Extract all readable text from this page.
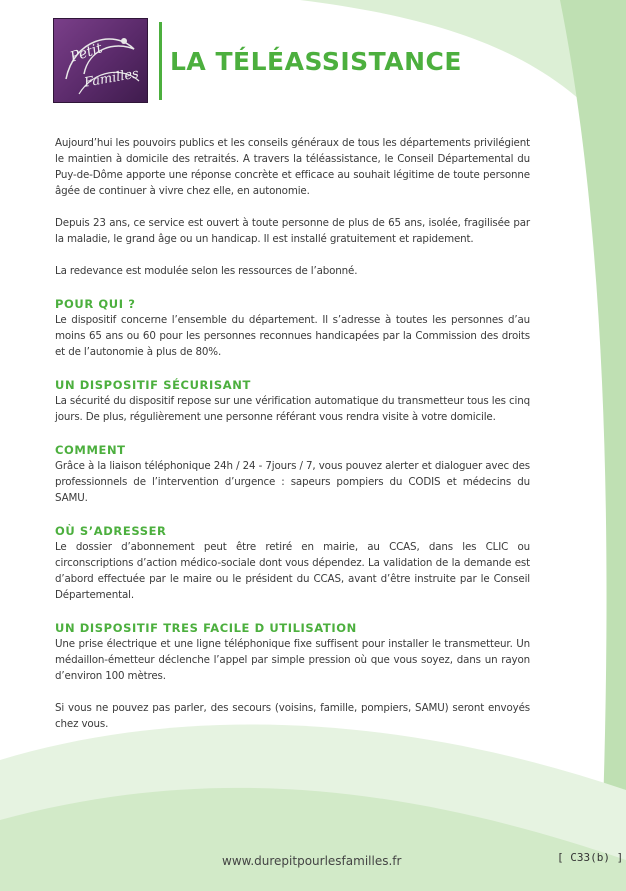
Petit
Familles
LA TÉLÉASSISTANCE

Aujourd’hui les pouvoirs publics et les conseils généraux de tous les départements privilégient le maintien à domicile des retraités. A travers la téléassistance, le Conseil Départemental du Puy-de-Dôme apporte une réponse concrète et efficace au souhait légitime de toute personne âgée de continuer à vivre chez elle, en autonomie.

Depuis 23 ans, ce service est ouvert à toute personne de plus de 65 ans, isolée, fragilisée par la maladie, le grand âge ou un handicap. Il est installé gratuitement et rapidement.

La redevance est modulée selon les ressources de l’abonné.

POUR QUI ?

Le dispositif concerne l’ensemble du département. Il s’adresse à toutes les personnes d’au moins 65 ans ou 60 pour les personnes reconnues handicapées par la Commission des droits et de l’autonomie à plus de 80%.

UN DISPOSITIF SÉCURISANT

La sécurité du dispositif repose sur une vérification automatique du transmetteur tous les cinq jours. De plus, régulièrement une personne référant vous rendra visite à votre domicile.

COMMENT

Grâce à la liaison téléphonique 24h / 24 - 7jours / 7, vous pouvez alerter et dialoguer avec des professionnels de l’intervention d’urgence : sapeurs pompiers du CODIS et médecins du SAMU.

OÙ S’ADRESSER

Le dossier d’abonnement peut être retiré en mairie, au CCAS, dans les CLIC ou circonscriptions d’action médico-sociale dont vous dépendez. La validation de la demande est d’abord effectuée par le maire ou le président du CCAS, avant d’être instruite par le Conseil Départemental.

UN DISPOSITIF TRES FACILE D UTILISATION

Une prise électrique et une ligne téléphonique fixe suffisent pour installer le transmetteur. Un médaillon-émetteur déclenche l’appel par simple pression où que vous soyez, dans un rayon d’environ 100 mètres.

Si vous ne pouvez pas parler, des secours (voisins, famille, pompiers, SAMU) seront envoyés chez vous.

www.durepitpourlesfamilles.fr	[ C33(b) ]
